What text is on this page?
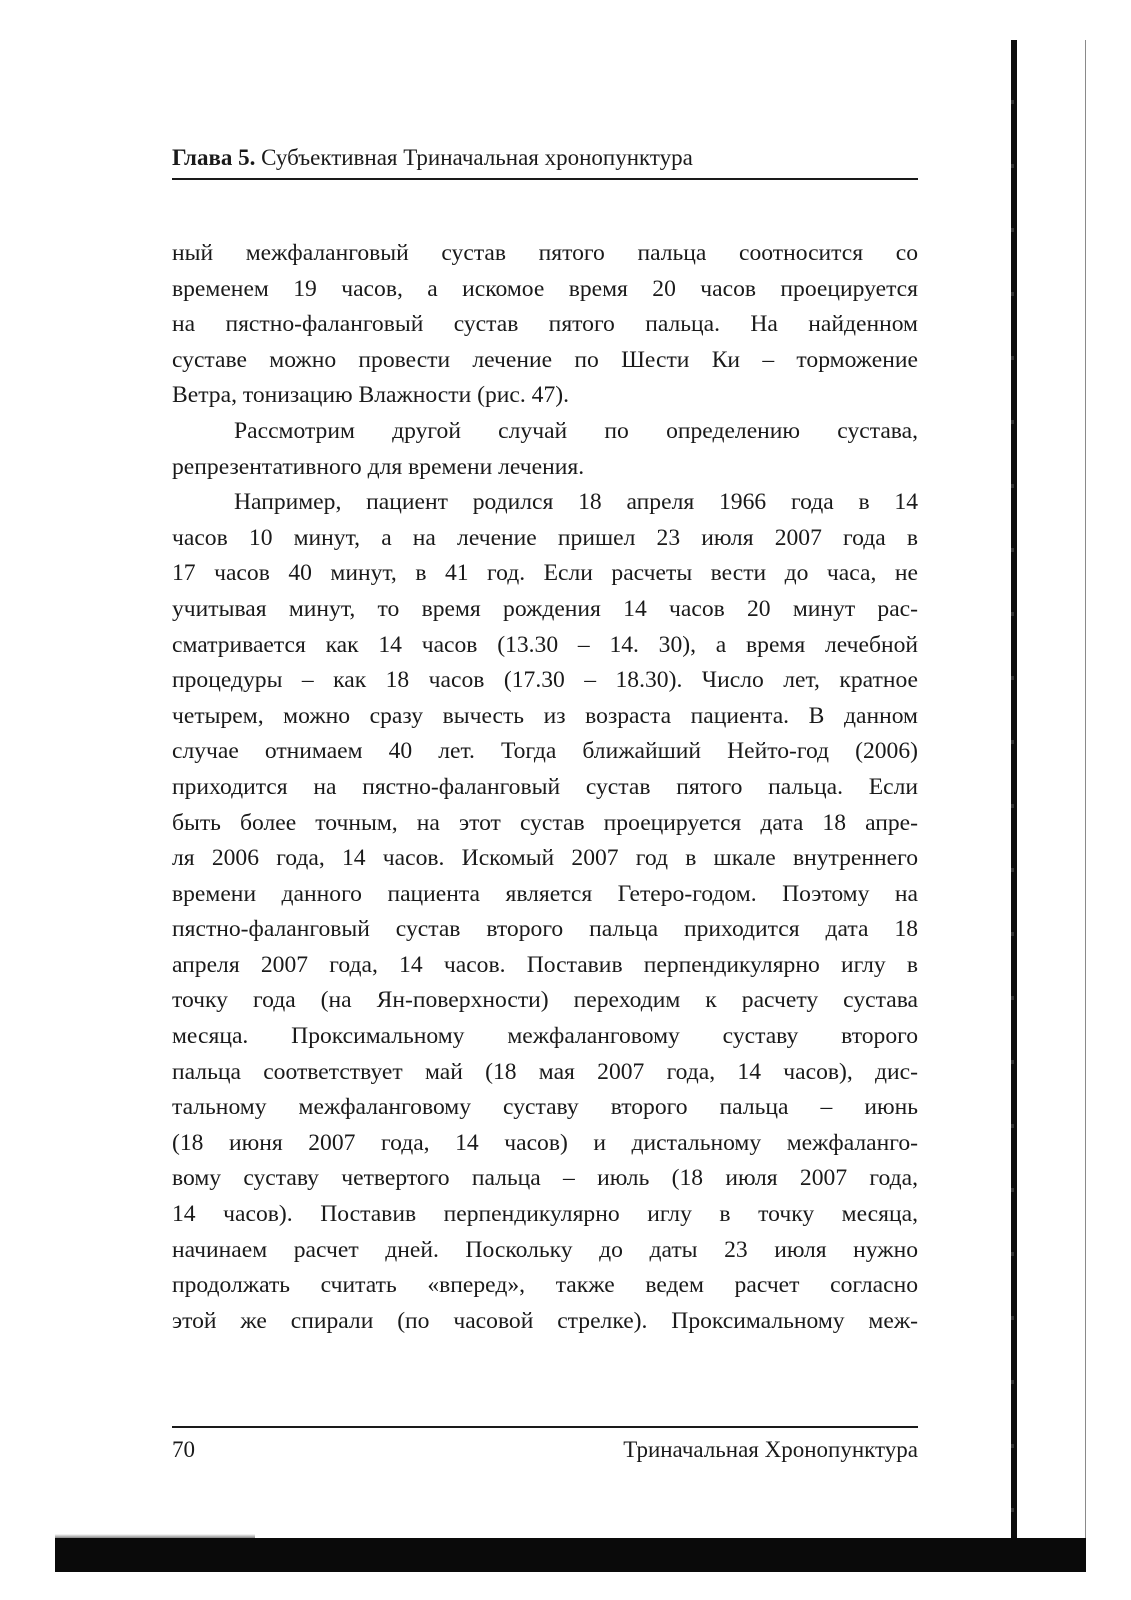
Глава 5. Субъективная Триначальная хронопунктура
ный межфаланговый сустав пятого пальца соотносится со
временем 19 часов, а искомое время 20 часов проецируется
на пястно-фаланговый сустав пятого пальца. На найденном
суставе можно провести лечение по Шести Ки – торможение
Ветра, тонизацию Влажности (рис. 47).
Рассмотрим другой случай по определению сустава,
репрезентативного для времени лечения.
Например, пациент родился 18 апреля 1966 года в 14
часов 10 минут, а на лечение пришел 23 июля 2007 года в
17 часов 40 минут, в 41 год. Если расчеты вести до часа, не
учитывая минут, то время рождения 14 часов 20 минут рас-
сматривается как 14 часов (13.30 – 14. 30), а время лечебной
процедуры – как 18 часов (17.30 – 18.30). Число лет, кратное
четырем, можно сразу вычесть из возраста пациента. В данном
случае отнимаем 40 лет. Тогда ближайший Нейто-год (2006)
приходится на пястно-фаланговый сустав пятого пальца. Если
быть более точным, на этот сустав проецируется дата 18 апре-
ля 2006 года, 14 часов. Искомый 2007 год в шкале внутреннего
времени данного пациента является Гетеро-годом. Поэтому на
пястно-фаланговый сустав второго пальца приходится дата 18
апреля 2007 года, 14 часов. Поставив перпендикулярно иглу в
точку года (на Ян-поверхности) переходим к расчету сустава
месяца. Проксимальному межфаланговому суставу второго
пальца соответствует май (18 мая 2007 года, 14 часов), дис-
тальному межфаланговому суставу второго пальца – июнь
(18 июня 2007 года, 14 часов) и дистальному межфаланго-
вому суставу четвертого пальца – июль (18 июля 2007 года,
14 часов). Поставив перпендикулярно иглу в точку месяца,
начинаем расчет дней. Поскольку до даты 23 июля нужно
продолжать считать «вперед», также ведем расчет согласно
этой же спирали (по часовой стрелке). Проксимальному меж-
70	Триначальная Хронопунктура
